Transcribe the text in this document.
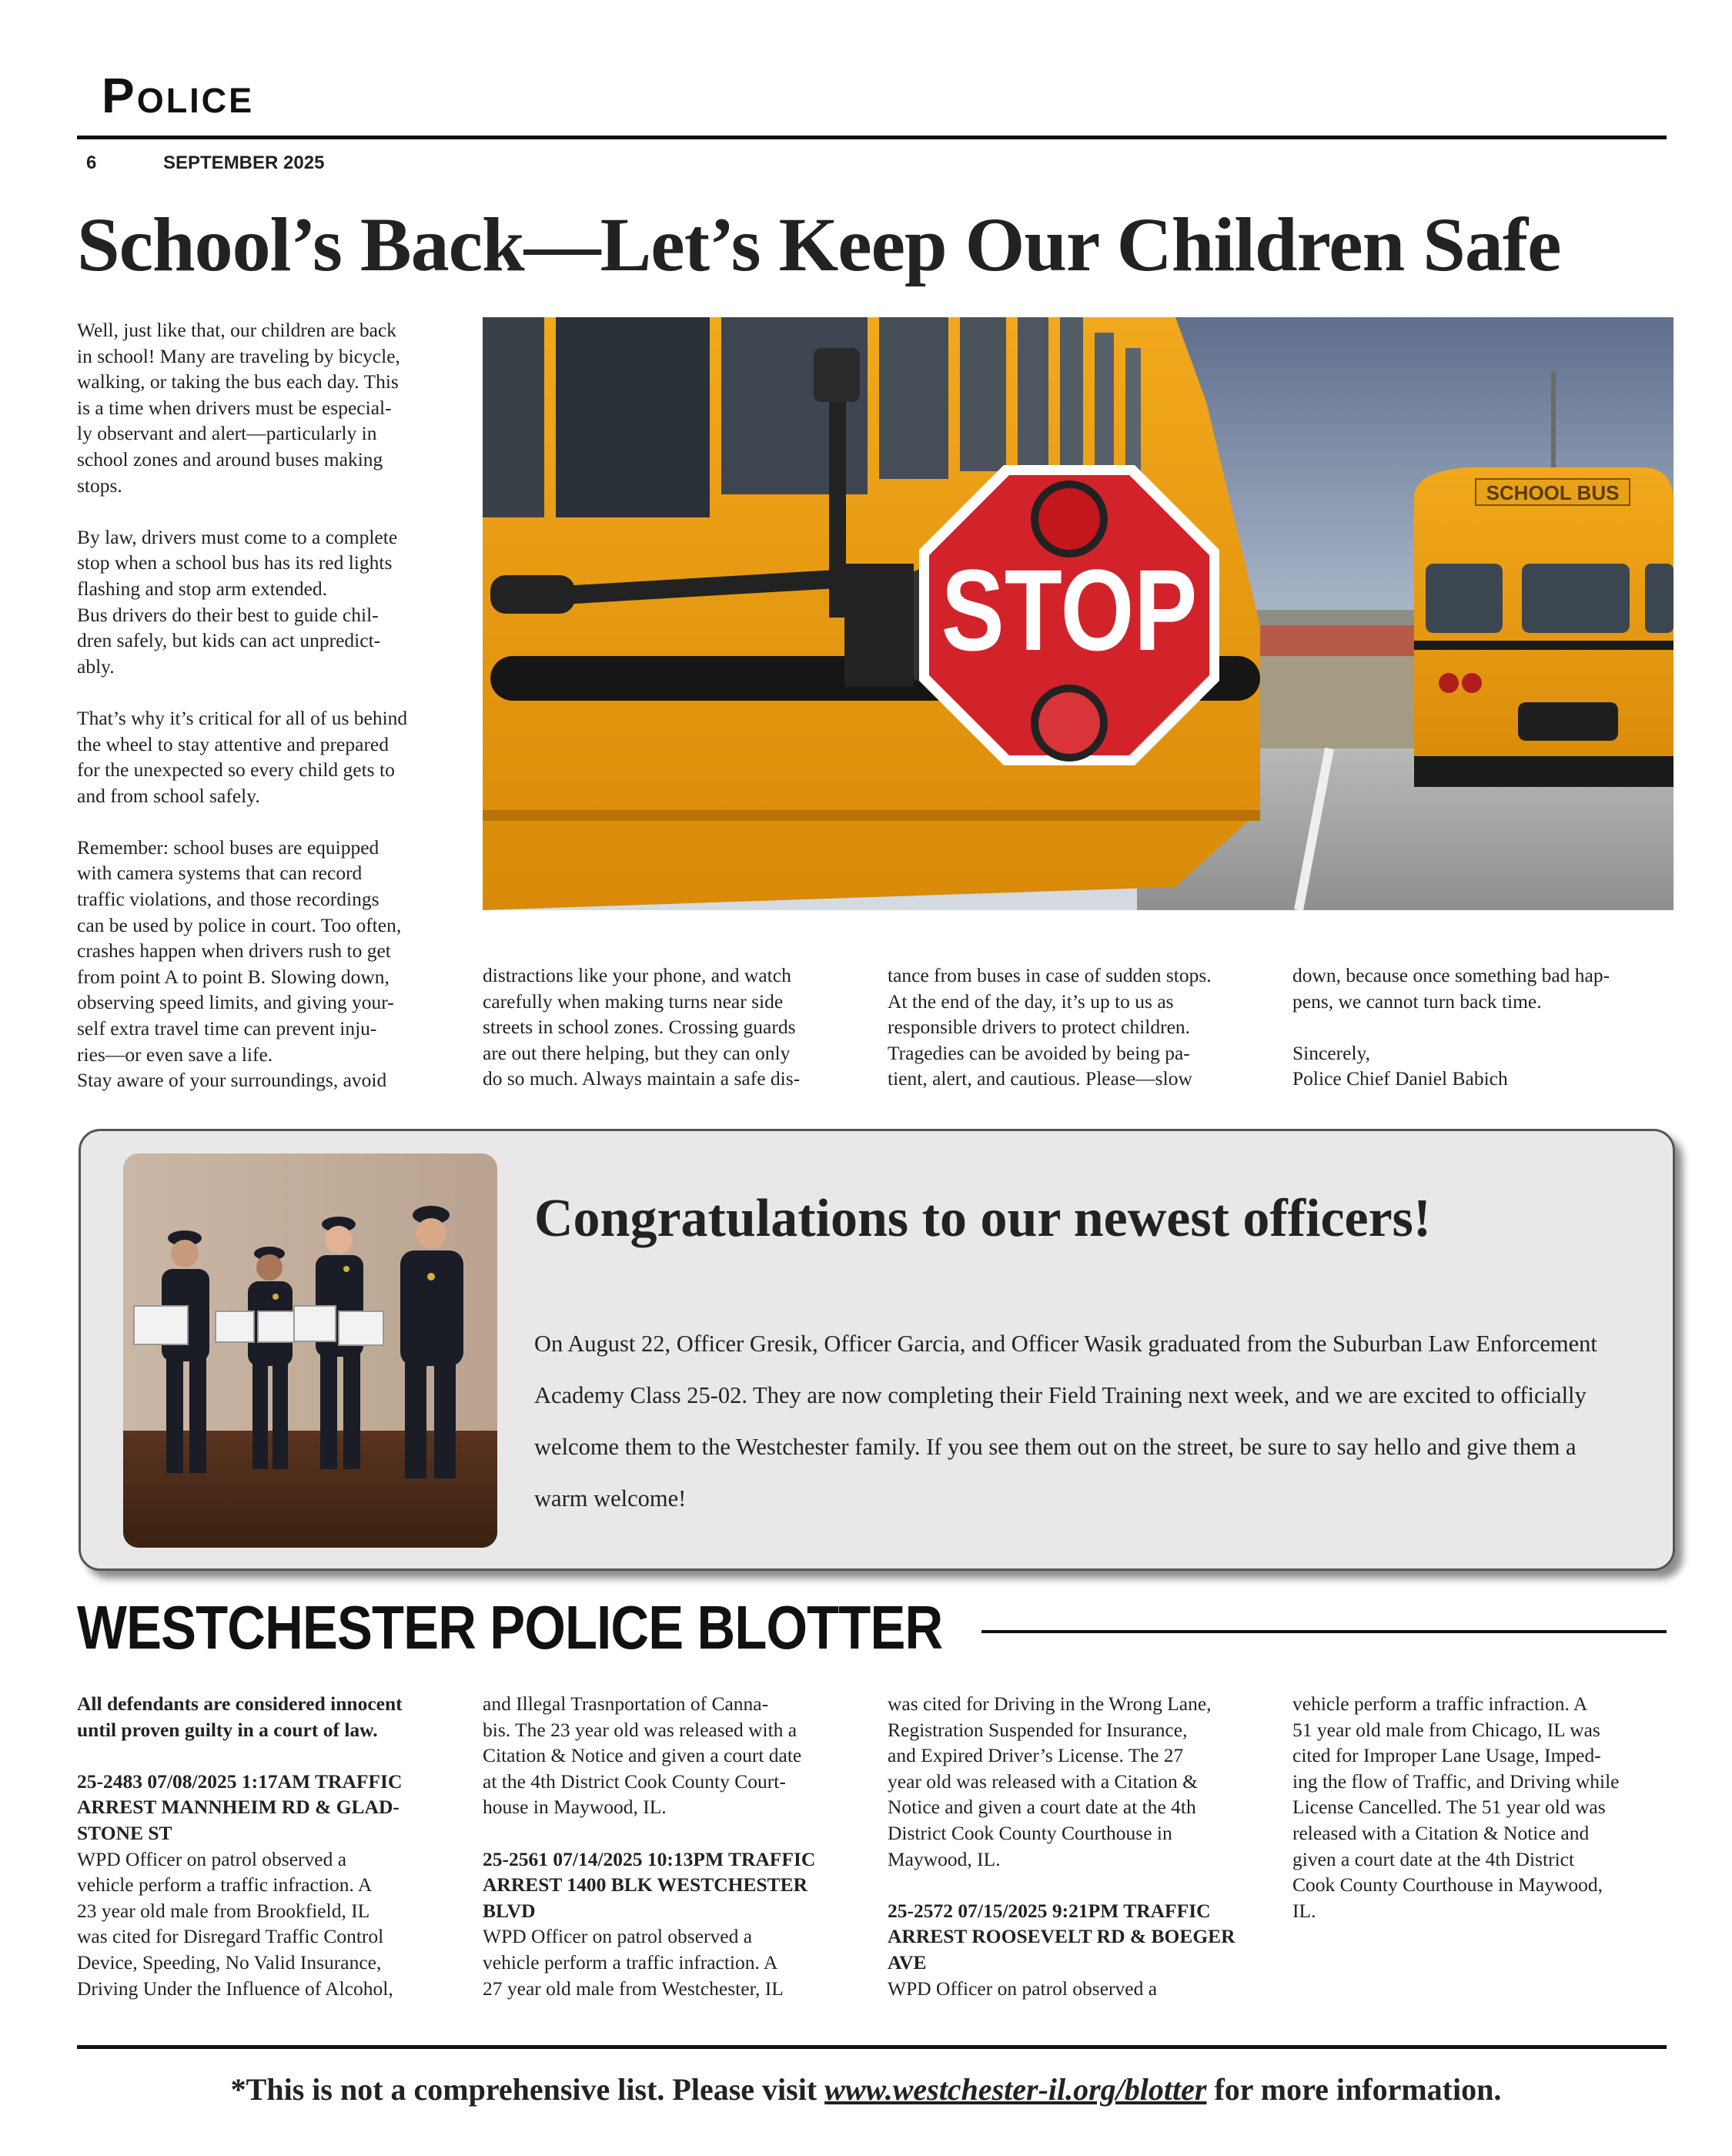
Police
6	SEPTEMBER 2025
School’s Back—Let’s Keep Our Children Safe
Well, just like that, our children are back
in school! Many are traveling by bicycle,
walking, or taking the bus each day. This
is a time when drivers must be especial-
ly observant and alert—particularly in
school zones and around buses making
stops.

By law, drivers must come to a complete
stop when a school bus has its red lights
flashing and stop arm extended.
Bus drivers do their best to guide chil-
dren safely, but kids can act unpredict-
ably.

That’s why it’s critical for all of us behind
the wheel to stay attentive and prepared
for the unexpected so every child gets to
and from school safely.

Remember: school buses are equipped
with camera systems that can record
traffic violations, and those recordings
can be used by police in court. Too often,
crashes happen when drivers rush to get
from point A to point B. Slowing down,
observing speed limits, and giving your-
self extra travel time can prevent inju-
ries—or even save a life.
Stay aware of your surroundings, avoid
distractions like your phone, and watch
carefully when making turns near side
streets in school zones. Crossing guards
are out there helping, but they can only
do so much. Always maintain a safe dis-
tance from buses in case of sudden stops.
At the end of the day, it’s up to us as
responsible drivers to protect children.
Tragedies can be avoided by being pa-
tient, alert, and cautious. Please—slow
down, because once something bad hap-
pens, we cannot turn back time.

Sincerely,
Police Chief Daniel Babich
SCHOOL BUS
STOP
Congratulations to our newest officers!
On August 22, Officer Gresik, Officer Garcia, and Officer Wasik graduated from the Suburban Law Enforcement Academy Class 25-02. They are now completing their Field Training next week, and we are excited to officially welcome them to the Westchester family. If you see them out on the street, be sure to say hello and give them a warm welcome!
WESTCHESTER POLICE BLOTTER
All defendants are considered innocent
until proven guilty in a court of law.
25-2483 07/08/2025 1:17AM TRAFFIC
ARREST MANNHEIM RD & GLAD-
STONE ST
WPD Officer on patrol observed a
vehicle perform a traffic infraction. A
23 year old male from Brookfield, IL
was cited for Disregard Traffic Control
Device, Speeding, No Valid Insurance,
Driving Under the Influence of Alcohol,
and Illegal Trasnportation of Canna-
bis. The 23 year old was released with a
Citation & Notice and given a court date
at the 4th District Cook County Court-
house in Maywood, IL.
25-2561 07/14/2025 10:13PM TRAFFIC
ARREST 1400 BLK WESTCHESTER
BLVD
WPD Officer on patrol observed a
vehicle perform a traffic infraction. A
27 year old male from Westchester, IL
was cited for Driving in the Wrong Lane,
Registration Suspended for Insurance,
and Expired Driver’s License. The 27
year old was released with a Citation &
Notice and given a court date at the 4th
District Cook County Courthouse in
Maywood, IL.
25-2572 07/15/2025 9:21PM TRAFFIC
ARREST ROOSEVELT RD & BOEGER
AVE
WPD Officer on patrol observed a
vehicle perform a traffic infraction. A
51 year old male from Chicago, IL was
cited for Improper Lane Usage, Imped-
ing the flow of Traffic, and Driving while
License Cancelled. The 51 year old was
released with a Citation & Notice and
given a court date at the 4th District
Cook County Courthouse in Maywood,
IL.
*This is not a comprehensive list. Please visit www.westchester-il.org/blotter for more information.
